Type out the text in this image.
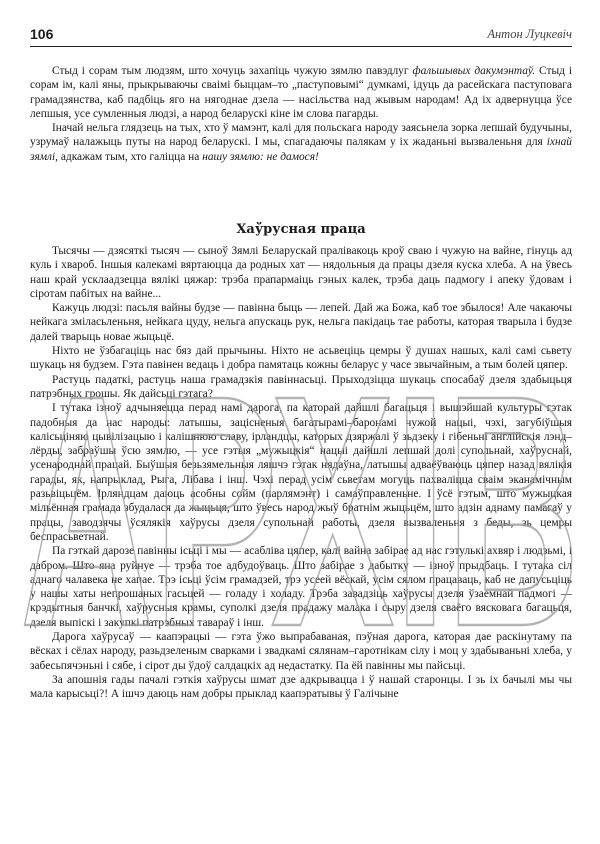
106	Антон Луцкевіч

Стыд і сорам тым людзям, што хочуць захапіць чужую зямлю павэдлуг фальшывых дакумэнтаў. Стыд і сорам ім, калі яны, прыкрываючы сваімі быццам–то „паступовымі“ думкамі, ідуць да расейскага паступовага грамадзянства, каб падбіць яго на нягоднае дзела — насільства над жывым народам! Ад іх адвернуцца ўсе лепшыя, усе сумленныя людзі, а народ беларускі кіне ім слова пагарды.

Іначай нельга глядзець на тых, хто ў мамэнт, калі для польскага народу заясьнела зорка лепшай будучыны, узрумаў налажыць путы на народ беларускі. І мы, спагадаючы палякам у іх жаданьні вызваленьня для іхнай зямлі, адкажам тым, хто галіцца на нашу зямлю: не дамося!

Хаўрусная праца

Тысячы — дзясяткі тысяч — сыноў Зямлі Беларускай пралівакоць кроў сваю і чужую на вайне, гінуць ад куль і хвароб. Іншыя калекамі вяртаюцца да родных хат — нядольныя да працы дзеля куска хлеба. А на ўвесь наш край усклаадзецца вялікі цяжар: трэба прапармаіць гэных калек, трэба даць падмогу і апеку ўдовам і сіротам пабітых на вайне...

Кажуць людзі: пасьля вайны будзе — павінна быць — лепей. Дай жа Божа, каб тое збылося! Але чакаючы нейкага зміласьленьня, нейкага цуду, нельга апускаць рук, нельга пакідаць тае работы, каторая тварыла і будзе далей тварыць новае жыцьцё.

Ніхто не ўзбагаціць нас бяз дай прычыны. Ніхто не асьвеціць цемры ў душах нашых, калі самі сьвету шукаць ня будзем. Гэта павінен ведаць і добра памятаць кожны беларус у часе звычайным, а тым болей цяпер.

Растуць падаткі, растуць наша грамадзкія павіннасьці. Прыходзіцца шукаць спосабаў дзеля здабыцьця патрэбных грошы. Як дайсьці гэтага?

І тутака ізноў адчыняецца перад намі дарога, па каторай дайшлі багацьця і вышэйшай культуры гэтак падобныя да нас народы: латышы, зацісненыя багатырамі–баронамі чужой нацыі, чэхі, загубіўшыя калісьціняю цывілізацыю і калішнюю славу, ірландцы, каторых дзяржалі ў зьдзеку і гібеньні англійскія лэнд–лёрды, забраўшы ўсю зямлю, — усе гэтыя „мужыцкія“ нацыі дайшлі лепшай долі супольнай, хаўруснай, усенароднай працай. Быўшыя безьзямельныя ляшчэ гэтак нядаўна, латышы адваёўваюць цяпер назад вялікія гарады, як, напрыклад, Рыга, Лібава і інш. Чэхі перад усім сьветам могуць пахваліцца сваім эканамічным разьвіцьцём. Ірляндцам даюць асобны сойм (парлямэнт) і самаўправленьне. І ўсё гэтым, што мужыцкая мільённая грамада збудалася да жыцьця, што ўвесь народ жыў братнім жыцьцём, што адзін аднаму памагаў у працы, заводзячы ўсялякія хаўрусы дзеля супольнай работы, дзеля вызваленьня з беды, зь цемры беспрасьветнай.

Па гэткай дарозе павінны ісьці і мы — асаблівa цяпер, калі вайна забірае ад нас гэтулькі ахвяр і людзьмі, і дабром. Што яна руйнуе — трэба тое адбудоўваць. Што забірае з дабытку — ізноў прыдбаць. І тутака сіл аднаго чалавека не хапае. Трэ ісьці ўсім грамадзей, трэ усеей вёскай, усім сялом працаваць, каб не дапусьціць у нашы хаты непрошаных гасьцей — голаду і холаду. Трэба завадзіць хаўрусы дзеля ўзаемнай падмогі — крэдытныя банчкі, хаўрусныя крамы, суполкі дзеля прадажу малака і сыру дзеля сваёго вясковага багацьця, дзеля выпіскі і закупкі патрэбных тавараў і інш.

Дарога хаўрусаў — каапэрацыі — гэта ўжо выпрабаваная, пэўная дарога, каторая дае раскінутаму па вёсках і сёлах народу, разьдзеленым сварками і звадкамі сялянам–гаротнікам сілу і моц у здабываньні хлеба, у забесьпячэньні і сябе, і сірот ды ўдоў салдацкіх ад недастатку. Па ёй павінны мы пайсьці.

За апошнія гады пачалі гэткія хаўрусы шмат дзе адкрывацца і ў нашай старонцы. І зь іх бачылі мы чы мала карысьці?! А ішчэ даюць нам добры прыклад каапэратывы ў Галічыне

АРХІВ
